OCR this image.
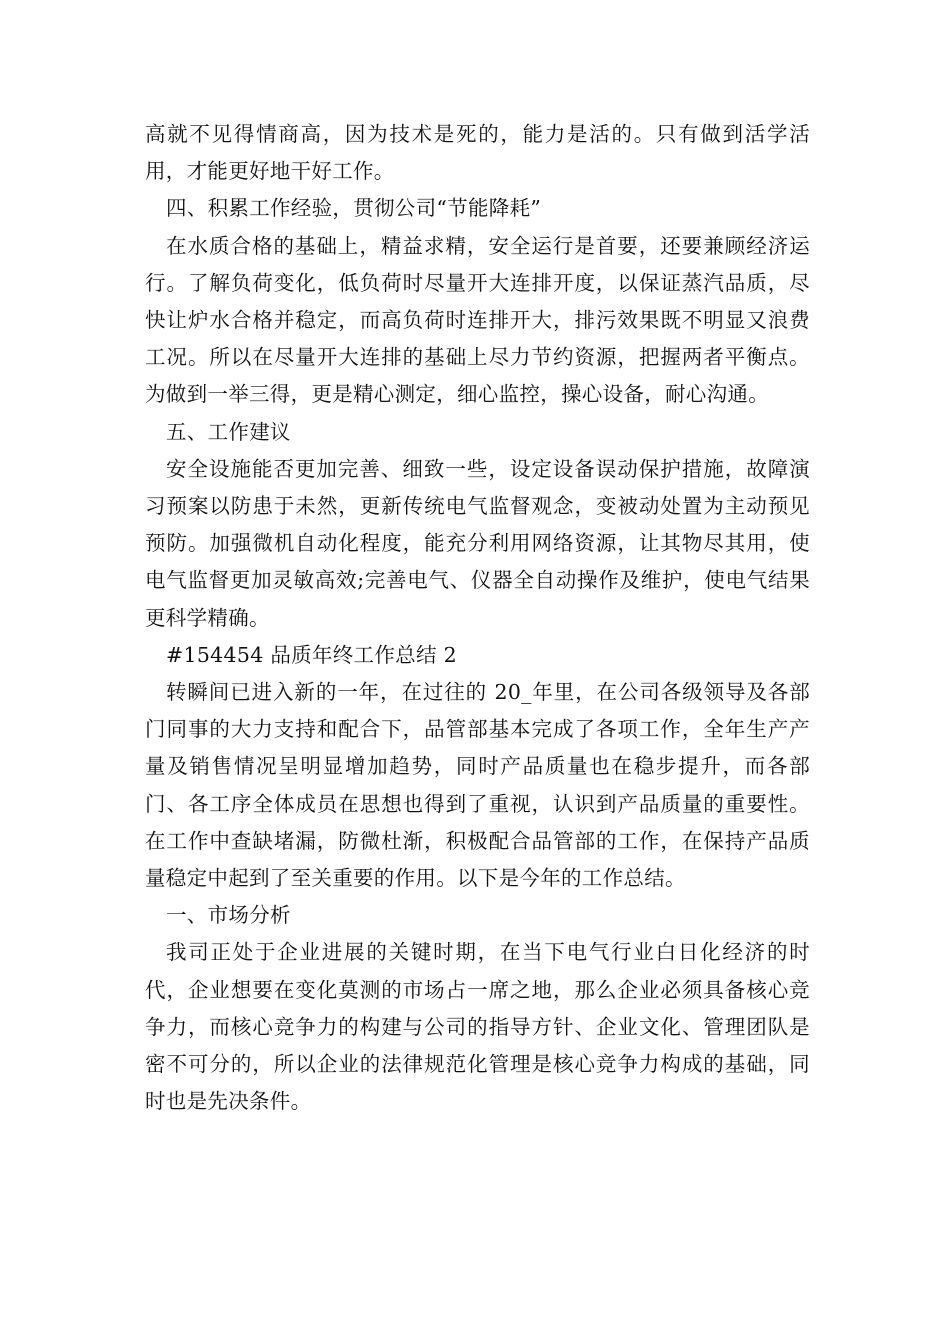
高就不见得情商高，因为技术是死的，能力是活的。只有做到活学活用，才能更好地干好工作。

四、积累工作经验，贯彻公司“节能降耗”

在水质合格的基础上，精益求精，安全运行是首要，还要兼顾经济运行。了解负荷变化，低负荷时尽量开大连排开度，以保证蒸汽品质，尽快让炉水合格并稳定，而高负荷时连排开大，排污效果既不明显又浪费工况。所以在尽量开大连排的基础上尽力节约资源，把握两者平衡点。为做到一举三得，更是精心测定，细心监控，操心设备，耐心沟通。

五、工作建议

安全设施能否更加完善、细致一些，设定设备误动保护措施，故障演习预案以防患于未然，更新传统电气监督观念，变被动处置为主动预见预防。加强微机自动化程度，能充分利用网络资源，让其物尽其用，使电气监督更加灵敏高效;完善电气、仪器全自动操作及维护，使电气结果更科学精确。

#154454 品质年终工作总结 2

转瞬间已进入新的一年，在过往的 20_年里，在公司各级领导及各部门同事的大力支持和配合下，品管部基本完成了各项工作，全年生产产量及销售情况呈明显增加趋势，同时产品质量也在稳步提升，而各部门、各工序全体成员在思想也得到了重视，认识到产品质量的重要性。在工作中查缺堵漏，防微杜渐，积极配合品管部的工作，在保持产品质量稳定中起到了至关重要的作用。以下是今年的工作总结。

一、市场分析

我司正处于企业进展的关键时期，在当下电气行业白日化经济的时代，企业想要在变化莫测的市场占一席之地，那么企业必须具备核心竞争力，而核心竞争力的构建与公司的指导方针、企业文化、管理团队是密不可分的，所以企业的法律规范化管理是核心竞争力构成的基础，同时也是先决条件。
